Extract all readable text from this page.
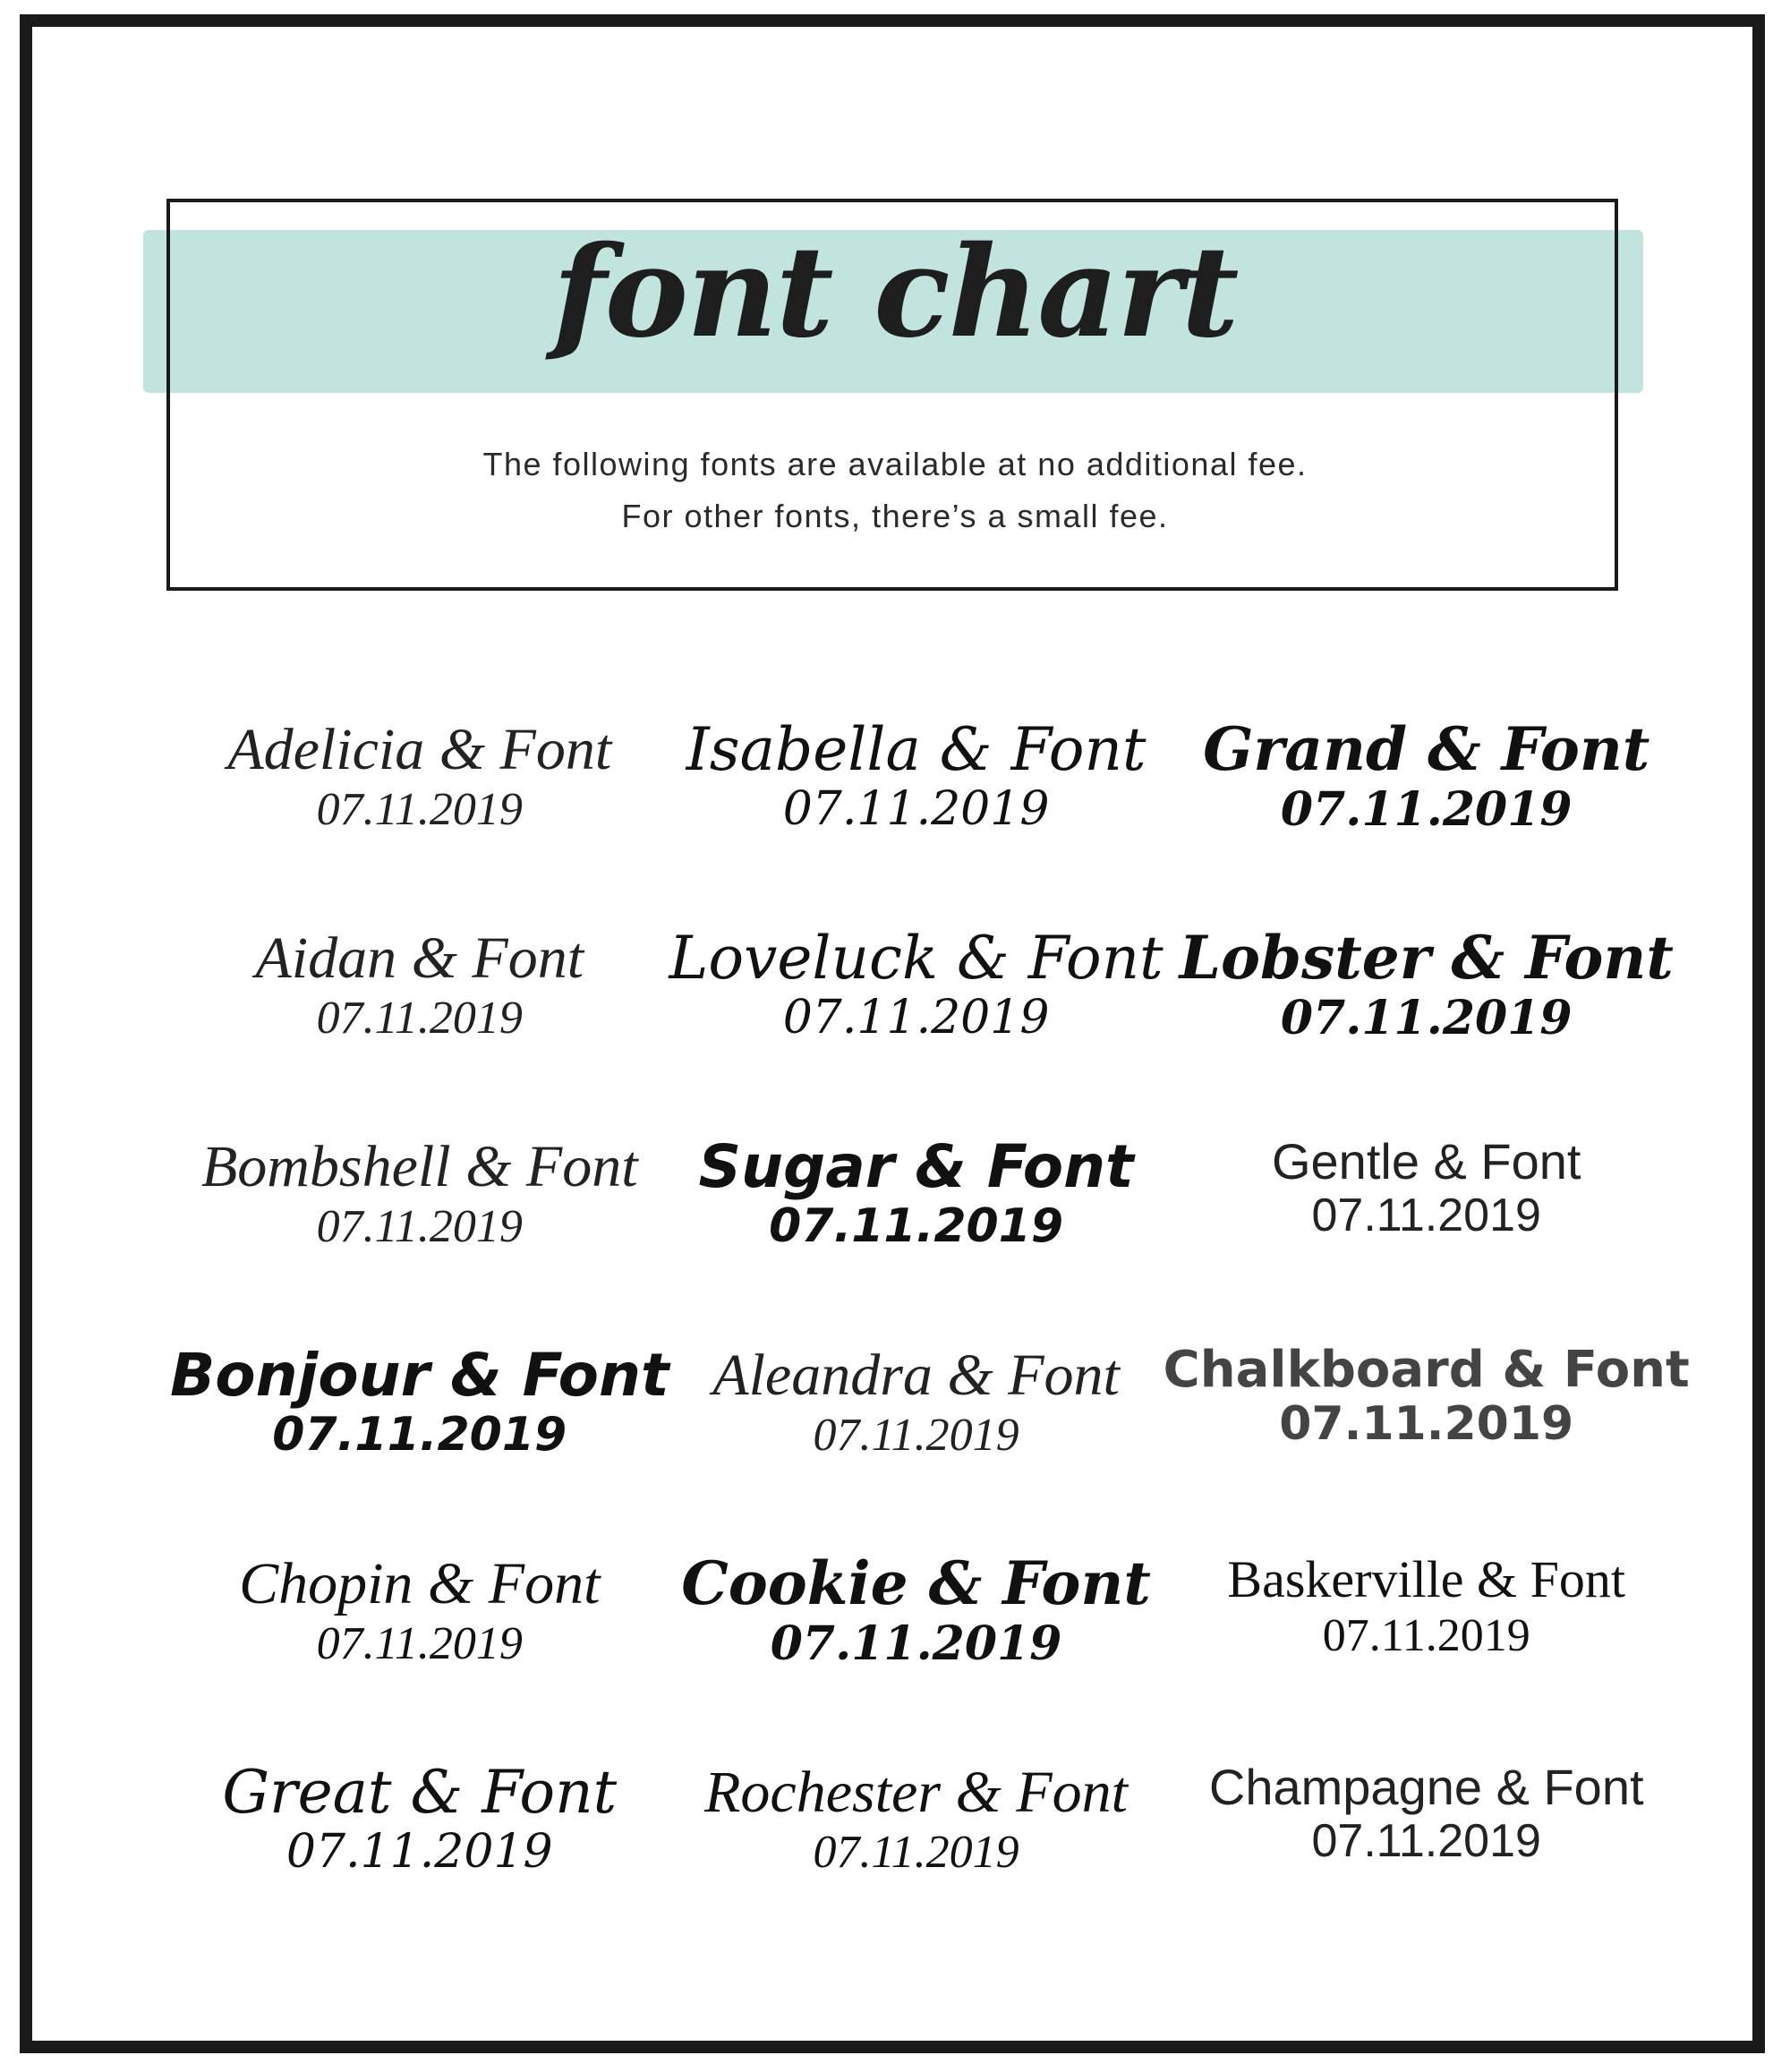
font chart
The following fonts are available at no additional fee.
For other fonts, there’s a small fee.
Adelicia & Font
07.11.2019
Isabella & Font
07.11.2019
Grand & Font
07.11.2019
Aidan & Font
07.11.2019
Loveluck & Font
07.11.2019
Lobster & Font
07.11.2019
Bombshell & Font
07.11.2019
Sugar & Font
07.11.2019
Gentle & Font
07.11.2019
Bonjour & Font
07.11.2019
Aleandra & Font
07.11.2019
Chalkboard & Font
07.11.2019
Chopin & Font
07.11.2019
Cookie & Font
07.11.2019
Baskerville & Font
07.11.2019
Great & Font
07.11.2019
Rochester & Font
07.11.2019
Champagne & Font
07.11.2019
